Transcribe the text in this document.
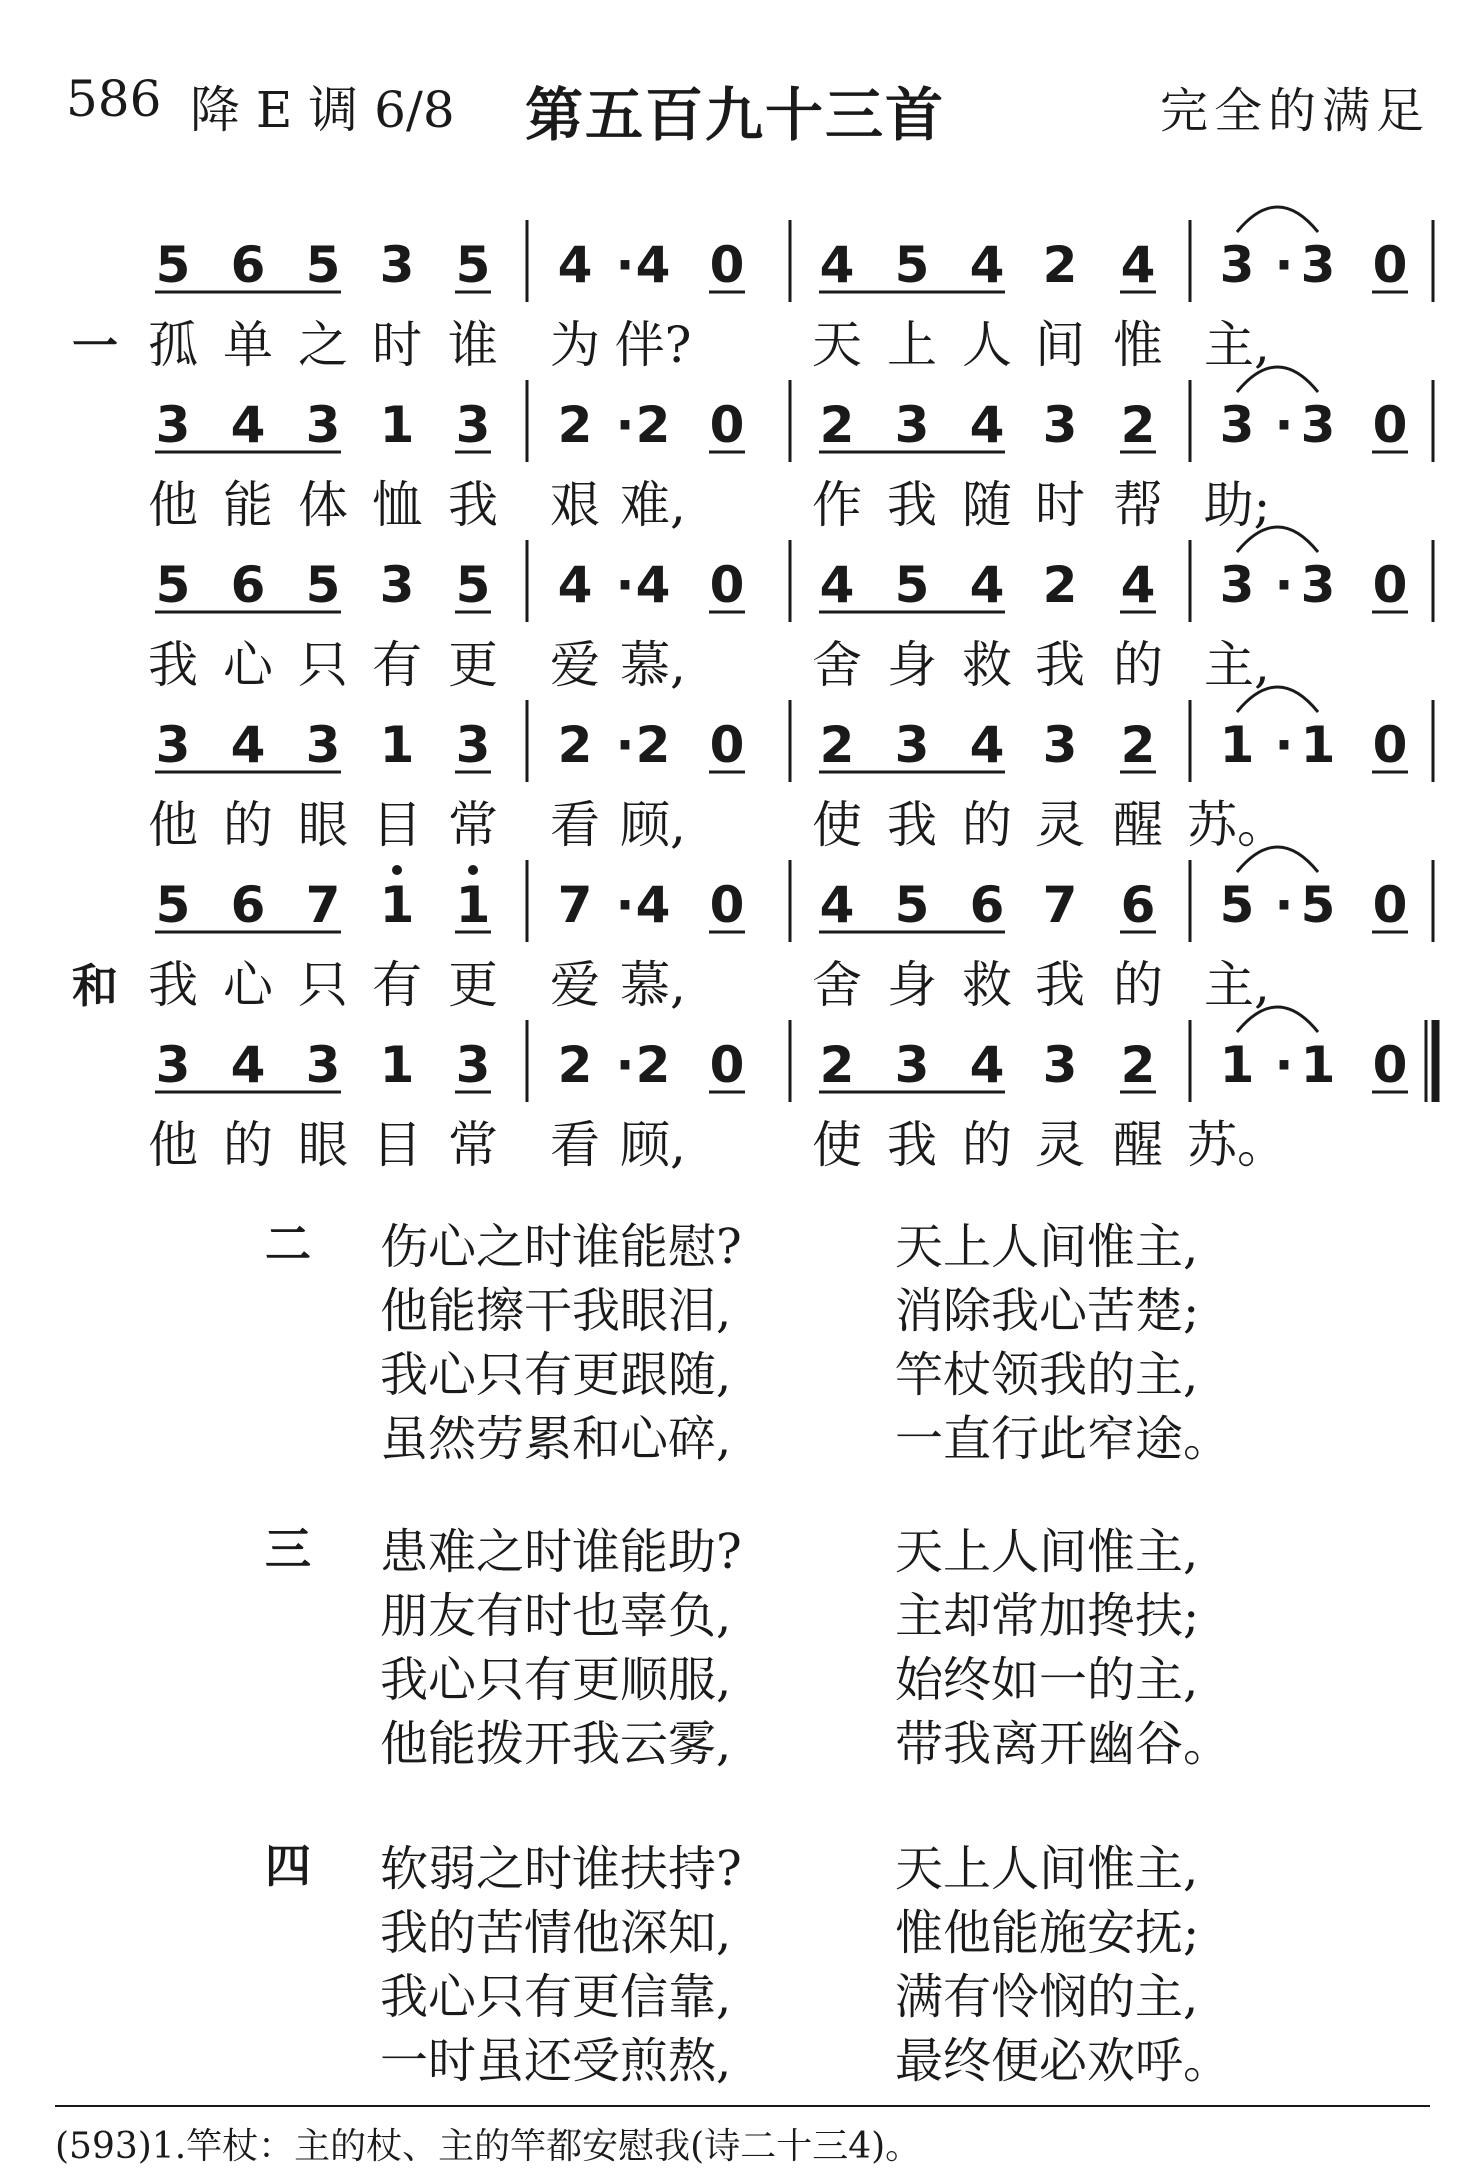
586 降 E 调 6/8	第五百九十三首	完全的满足
5 6 5 3 5 4 · 4 0 4 5 4 2 4 3 · 3 0
孤 单 之 时 谁 为 伴? 天 上 人 间 惟 主,
一
3 4 3 1 3 2 · 2 0 2 3 4 3 2 3 · 3 0
他 能 体 恤 我 艰 难,	作 我 随 时 帮 助;
5 6 5 3 5 4 · 4 0 4 5 4 2 4 3 · 3 0
我 心 只 有 更 爱 慕,	舍 身 救 我 的 主,
3 4 3 1 3 2 · 2 0 2 3 4 3 2 1 · 1 0
他 的 眼 目 常 看 顾,	使 我 的 灵 醒 苏。
5 6 7 1 1 7 · 4 0 4 5 6 7 6 5 · 5 0
我 心 只 有 更 爱 慕,	舍 身 救 我 的 主,
和
3 4 3 1 3 2 · 2 0 2 3 4 3 2 1 · 1 0
他 的 眼 目 常 看 顾,	使 我 的 灵 醒 苏。
二 伤心之时谁能慰?	天上人间惟主,
他能擦干我眼泪,	消除我心苦楚;
我心只有更跟随,	竿杖领我的主,
虽然劳累和心碎,	一直行此窄途。
三 患难之时谁能助?	天上人间惟主,
朋友有时也辜负,	主却常加搀扶;
我心只有更顺服,	始终如一的主,
他能拨开我云雾,	带我离开幽谷。
四 软弱之时谁扶持?	天上人间惟主,
我的苦情他深知,	惟他能施安抚;
我心只有更信靠,	满有怜悯的主,
一时虽还受煎熬,	最终便必欢呼。
(593)1.竿杖：主的杖、主的竿都安慰我(诗二十三4)。
